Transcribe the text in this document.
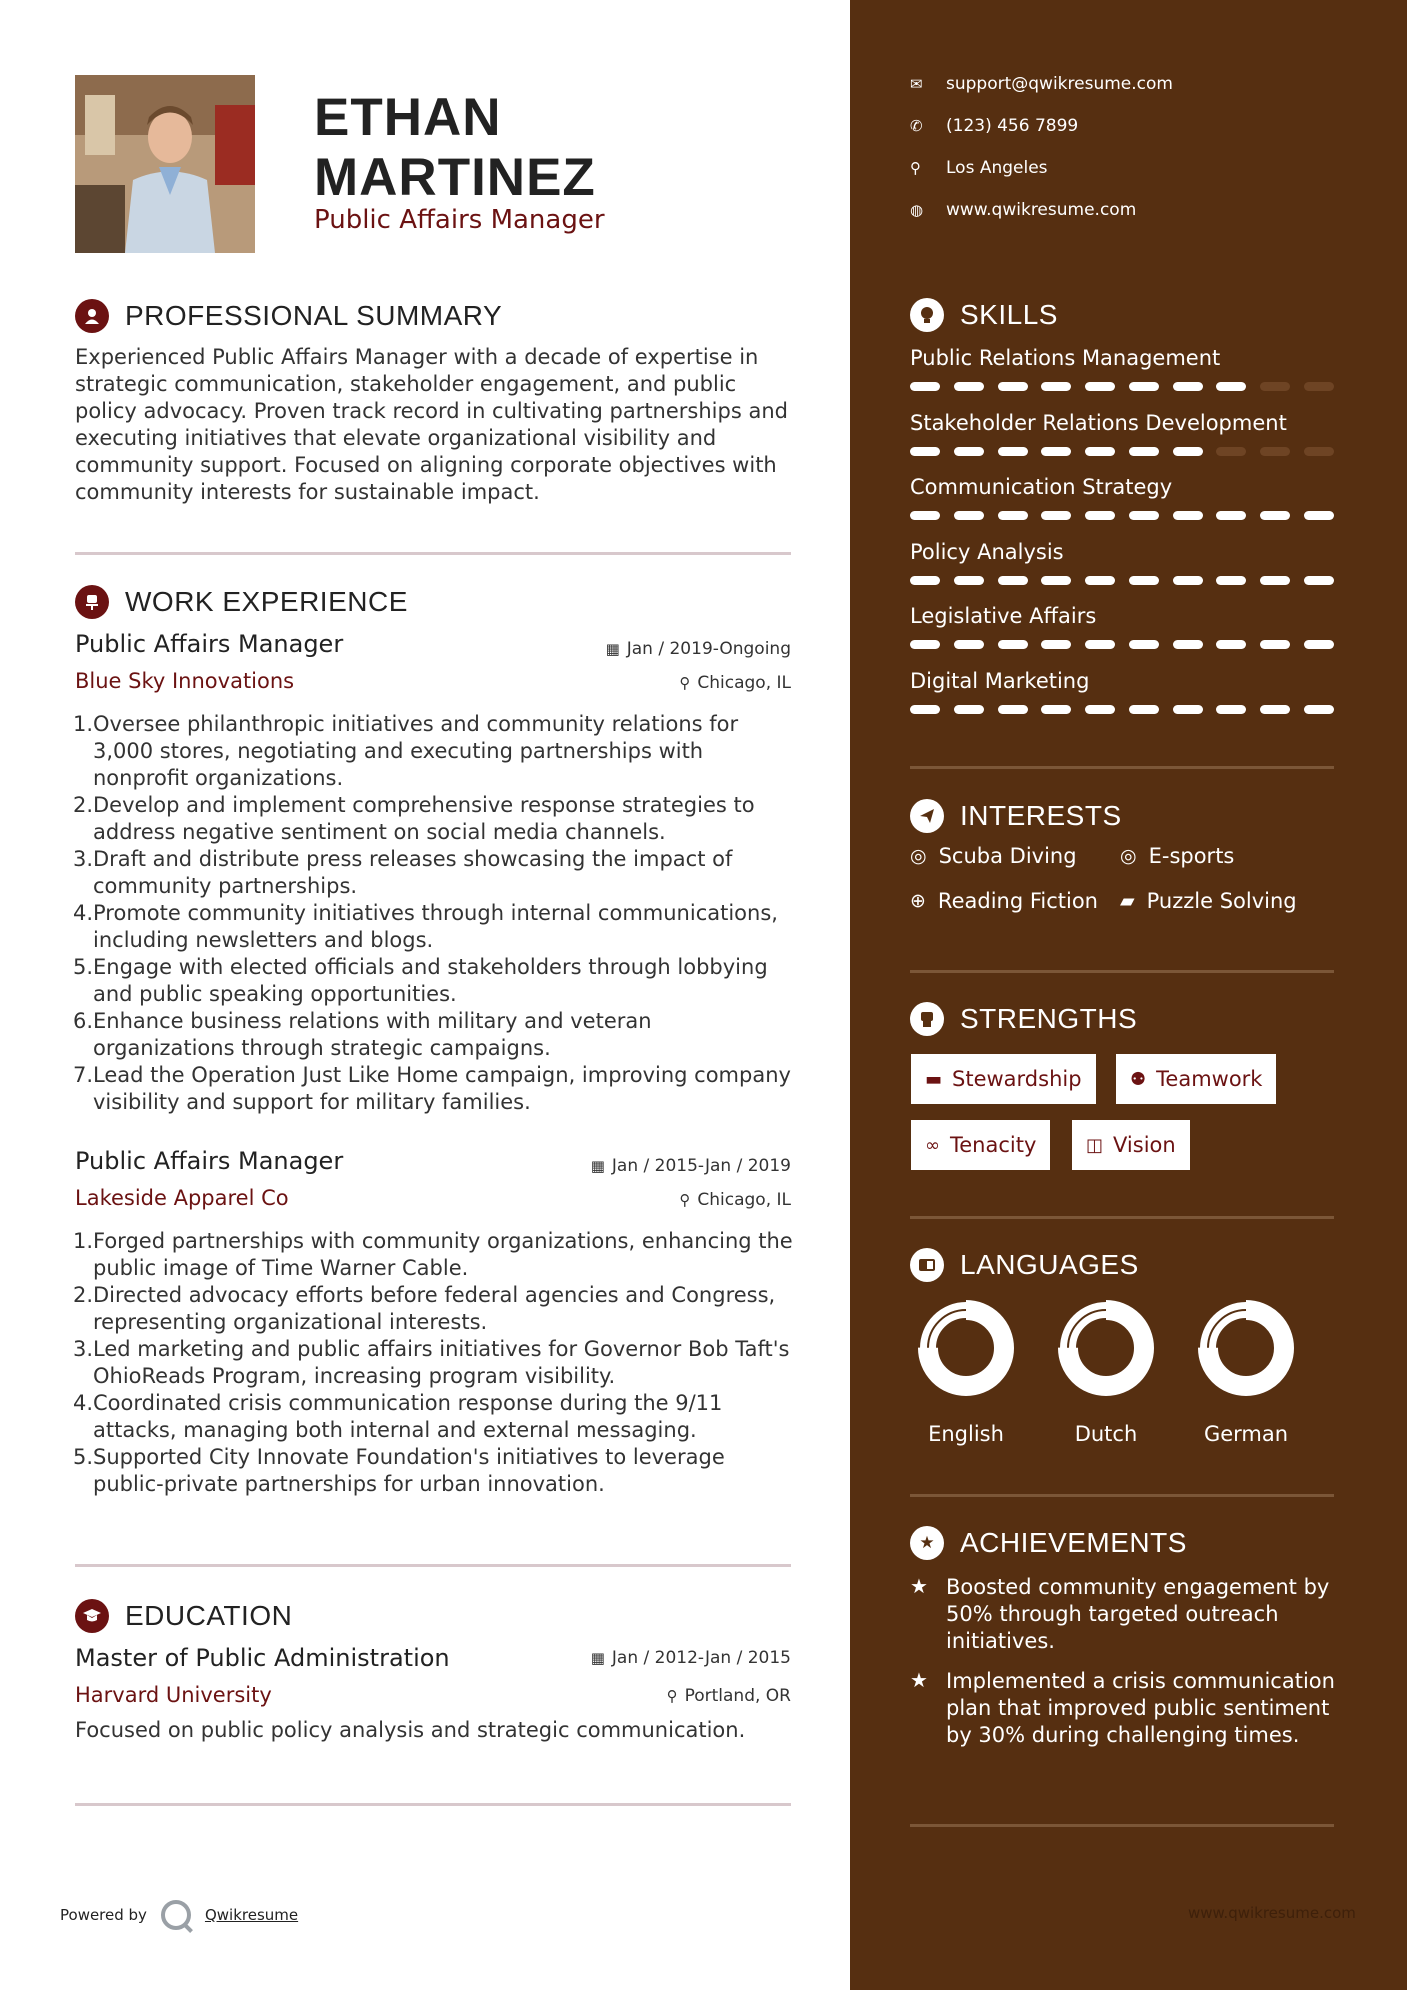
ETHAN
MARTINEZ
Public Affairs Manager
PROFESSIONAL SUMMARY
Experienced Public Affairs Manager with a decade of expertise in strategic communication, stakeholder engagement, and public policy advocacy. Proven track record in cultivating partnerships and executing initiatives that elevate organizational visibility and community support. Focused on aligning corporate objectives with community interests for sustainable impact.
WORK EXPERIENCE
Public Affairs Manager	▦ Jan / 2019-Ongoing
Blue Sky Innovations	⚲ Chicago, IL
1. Oversee philanthropic initiatives and community relations for 3,000 stores, negotiating and executing partnerships with nonprofit organizations.
2. Develop and implement comprehensive response strategies to address negative sentiment on social media channels.
3. Draft and distribute press releases showcasing the impact of community partnerships.
4. Promote community initiatives through internal communications, including newsletters and blogs.
5. Engage with elected officials and stakeholders through lobbying and public speaking opportunities.
6. Enhance business relations with military and veteran organizations through strategic campaigns.
7. Lead the Operation Just Like Home campaign, improving company visibility and support for military families.
Public Affairs Manager	▦ Jan / 2015-Jan / 2019
Lakeside Apparel Co	⚲ Chicago, IL
1. Forged partnerships with community organizations, enhancing the public image of Time Warner Cable.
2. Directed advocacy efforts before federal agencies and Congress, representing organizational interests.
3. Led marketing and public affairs initiatives for Governor Bob Taft's OhioReads Program, increasing program visibility.
4. Coordinated crisis communication response during the 9/11 attacks, managing both internal and external messaging.
5. Supported City Innovate Foundation's initiatives to leverage public-private partnerships for urban innovation.
EDUCATION
Master of Public Administration	▦ Jan / 2012-Jan / 2015
Harvard University	⚲ Portland, OR
Focused on public policy analysis and strategic communication.
Powered by	Qwikresume
✉	support@qwikresume.com
✆	(123) 456 7899
⚲	Los Angeles
◍	www.qwikresume.com
SKILLS
Public Relations Management
Stakeholder Relations Development
Communication Strategy
Policy Analysis
Legislative Affairs
Digital Marketing
INTERESTS
◎ Scuba Diving ◎ E-sports
⊕ Reading Fiction ▰ Puzzle Solving
STRENGTHS
▬ Stewardship	⚉ Teamwork
∞ Tenacity	◫ Vision
LANGUAGES
English	Dutch	German
★ ACHIEVEMENTS
★ Boosted community engagement by 50% through targeted outreach initiatives.
★ Implemented a crisis communication plan that improved public sentiment by 30% during challenging times.
www.qwikresume.com
